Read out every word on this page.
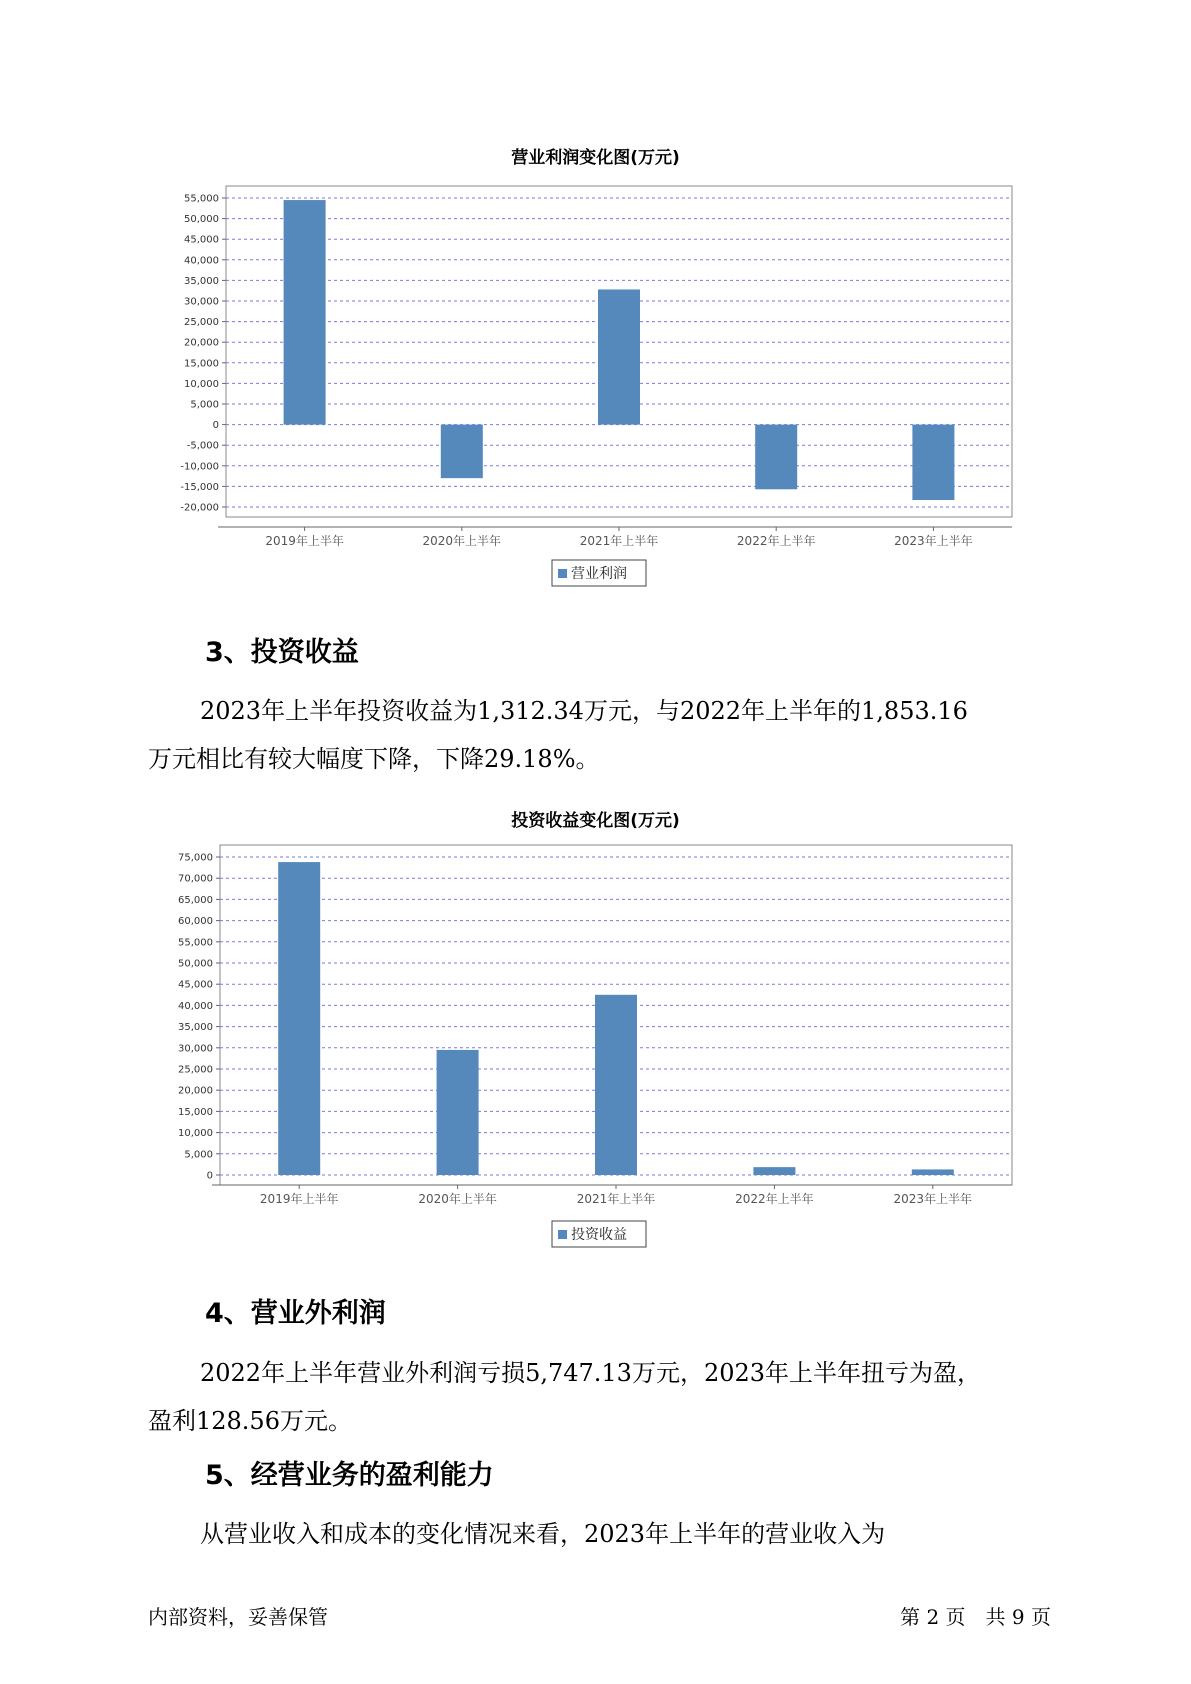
营业利润变化图(万元)
55,000
50,000
45,000
40,000
35,000
30,000
25,000
20,000
15,000
10,000
5,000
0
-5,000
-10,000
-15,000
-20,000
2019年上半年	2020年上半年	2021年上半年	2022年上半年	2023年上半年
营业利润
3、投资收益
2023年上半年投资收益为1,312.34万元，与2022年上半年的1,853.16
万元相比有较大幅度下降，下降29.18%。
投资收益变化图(万元)
75,000
70,000
65,000
60,000
55,000
50,000
45,000
40,000
35,000
30,000
25,000
20,000
15,000
10,000
5,000
0
2019年上半年	2020年上半年	2021年上半年	2022年上半年	2023年上半年
投资收益
4、营业外利润
2022年上半年营业外利润亏损5,747.13万元，2023年上半年扭亏为盈，
盈利128.56万元。
5、经营业务的盈利能力
从营业收入和成本的变化情况来看，2023年上半年的营业收入为
内部资料，妥善保管	第 2 页　共 9 页
